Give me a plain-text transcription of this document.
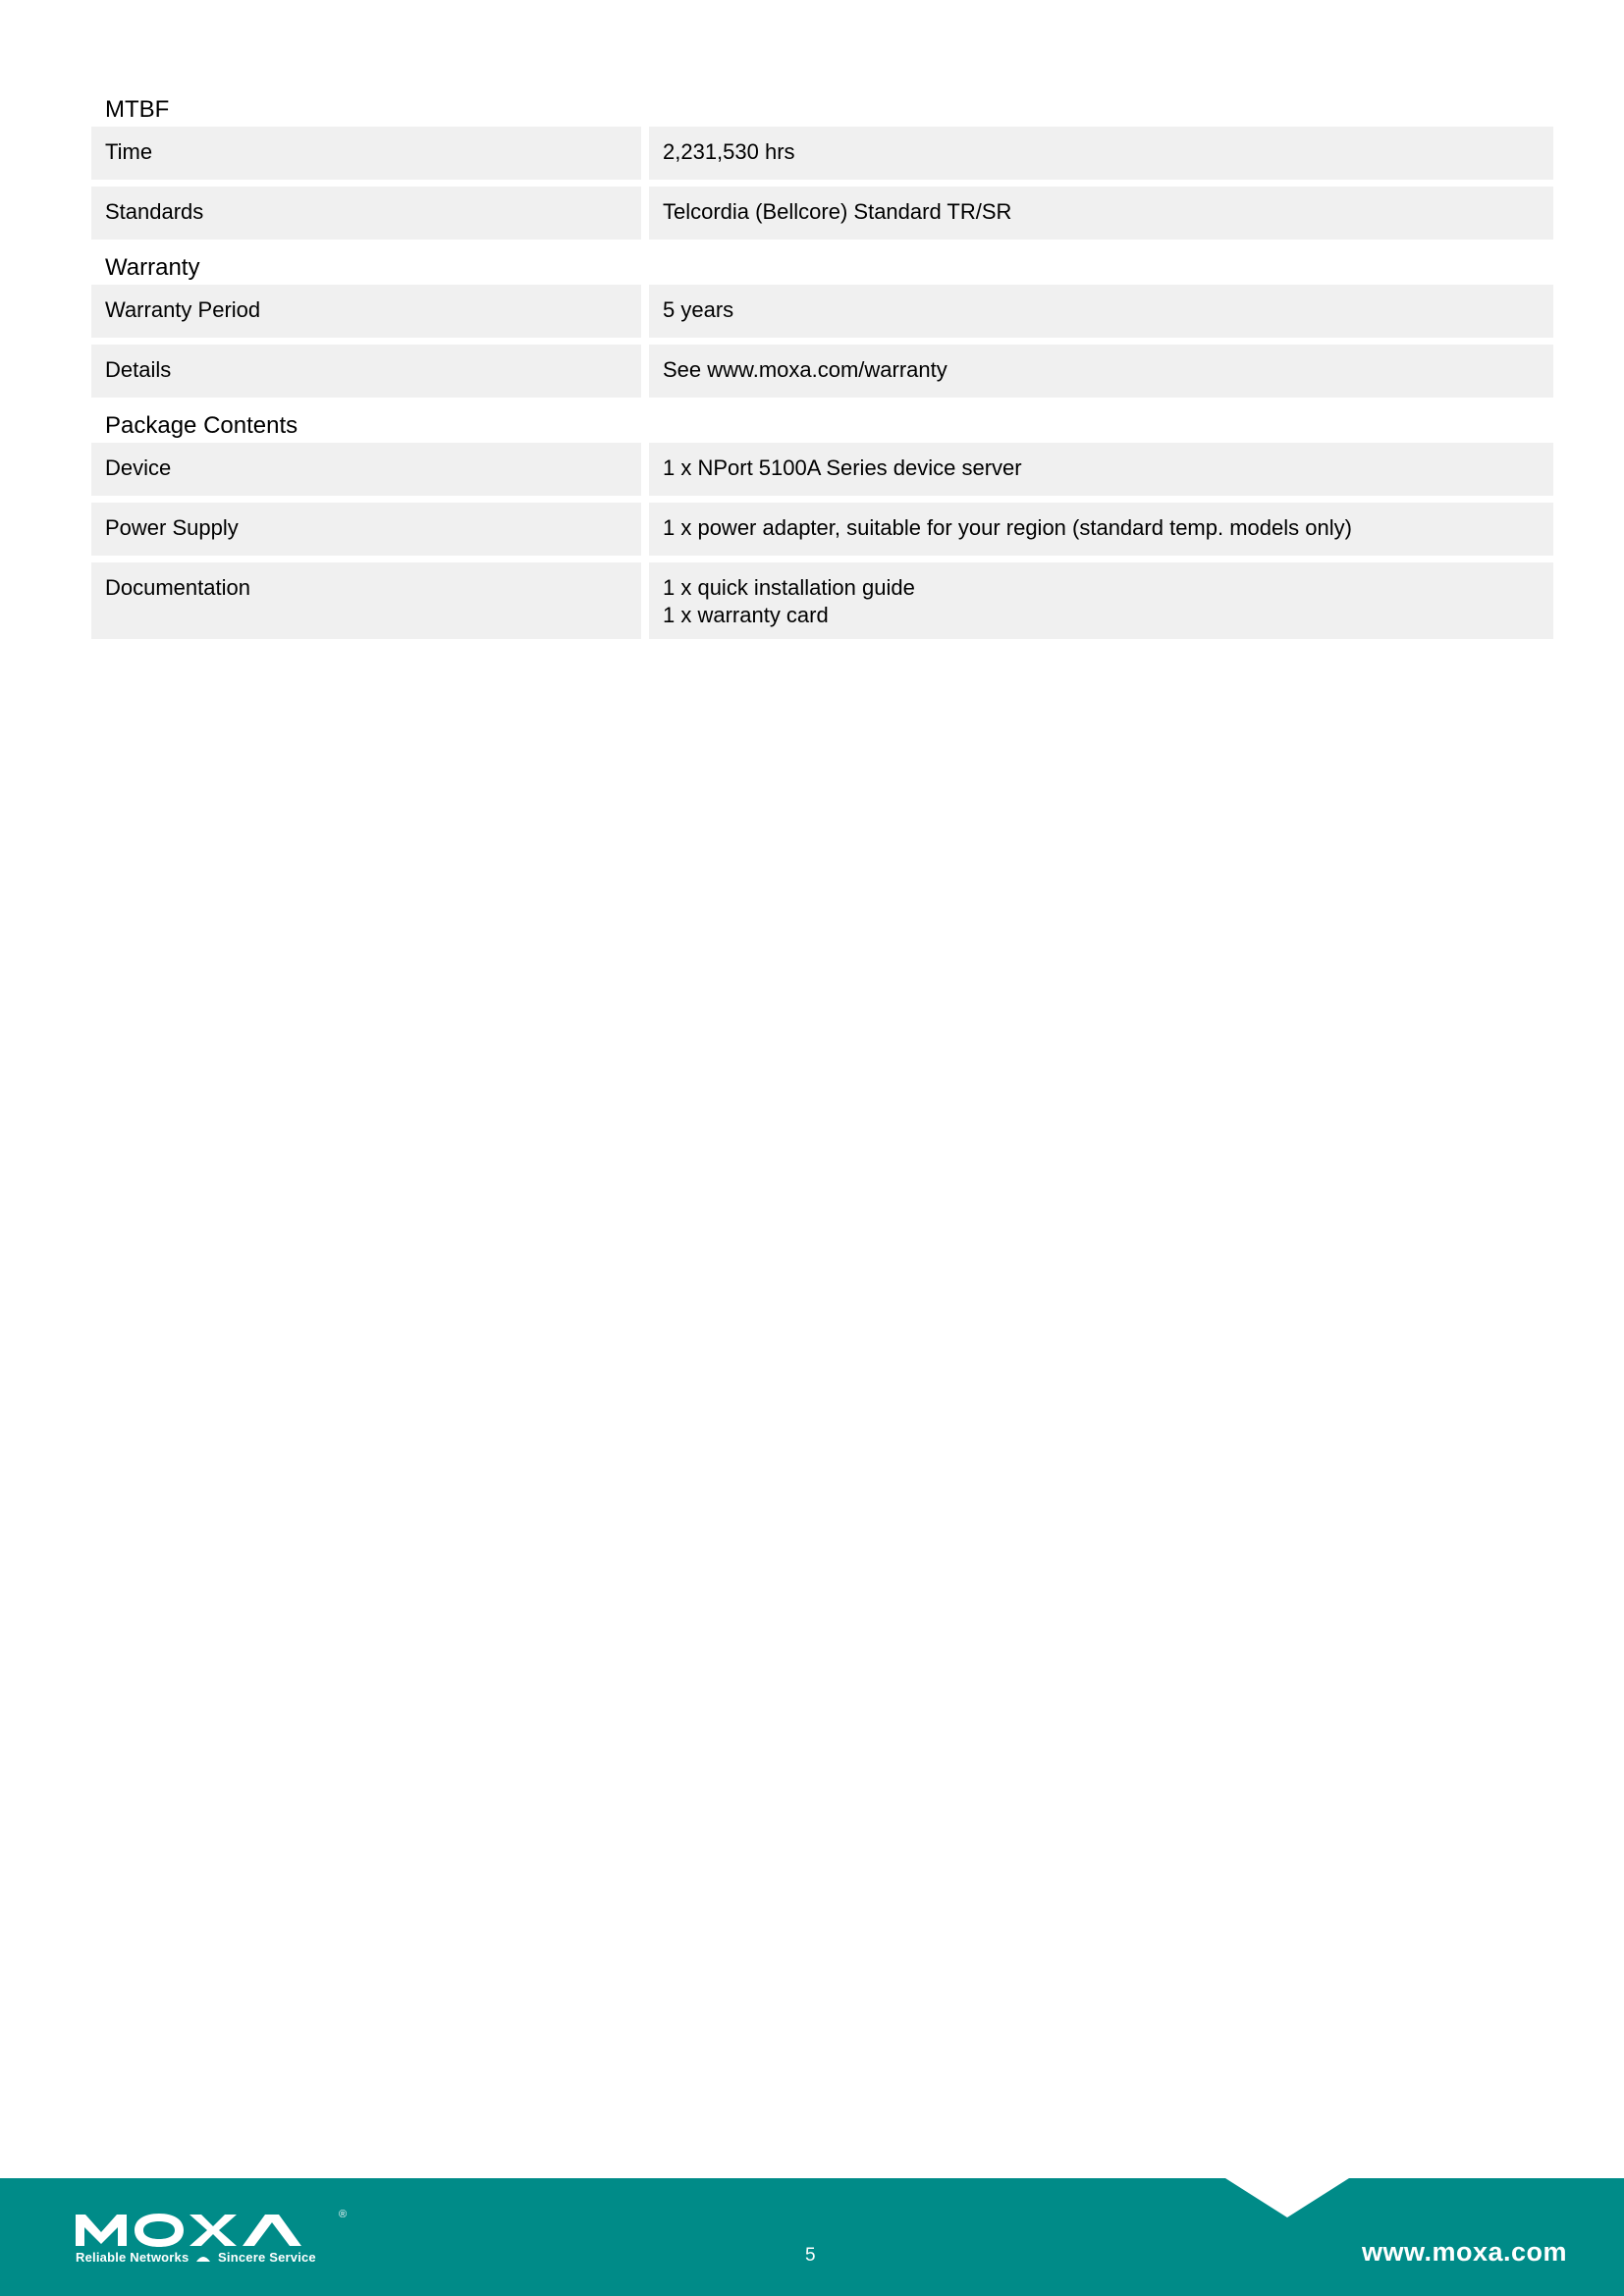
MTBF
Time	2,231,530 hrs
Standards	Telcordia (Bellcore) Standard TR/SR
Warranty
Warranty Period	5 years
Details	See www.moxa.com/warranty
Package Contents
Device	1 x NPort 5100A Series device server
Power Supply	1 x power adapter, suitable for your region (standard temp. models only)
Documentation	1 x quick installation guide
1 x warranty card
®
Reliable Networks Sincere Service	5	www.moxa.com
